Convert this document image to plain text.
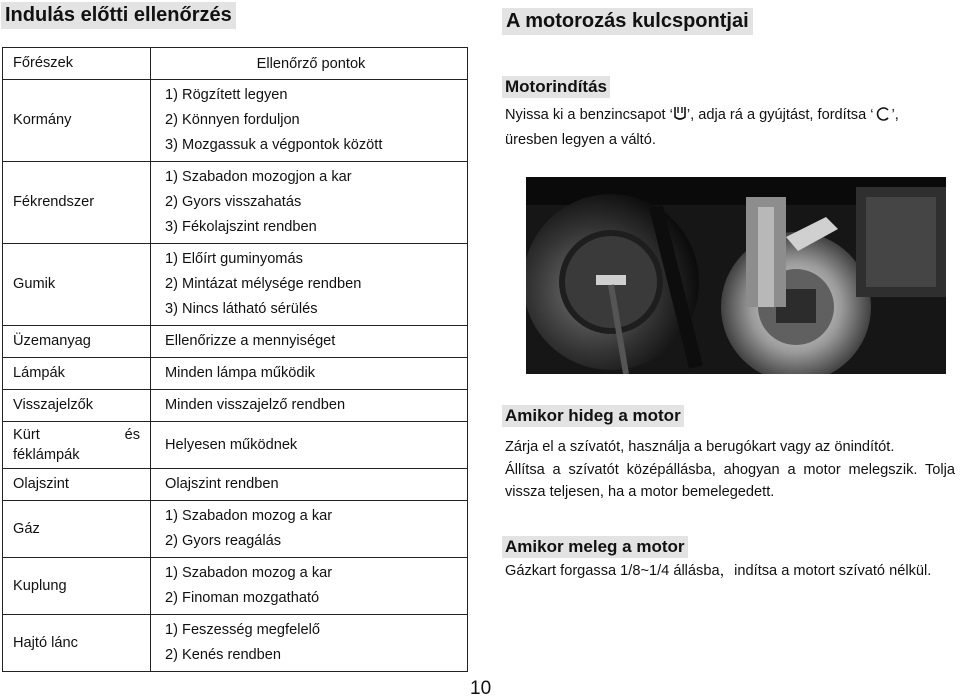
Indulás előtti ellenőrzés
Főrészek	Ellenőrző pontok
Kormány	1) Rögzített legyen
2) Könnyen forduljon
3) Mozgassuk a végpontok között

Fékrendszer	1) Szabadon mozogjon a kar
2) Gyors visszahatás
3) Fékolajszint rendben

Gumik	1) Előírt guminyomás
2) Mintázat mélysége rendben
3) Nincs látható sérülés

Üzemanyag	Ellenőrizze a mennyiséget
Lámpák	Minden lámpa működik
Visszajelzők	Minden visszajelző rendben

Kürt és
féklámpák	Helyesen működnek
Olajszint	Olajszint rendben
Gáz	1) Szabadon mozog a kar
2) Gyors reagálás

Kuplung	1) Szabadon mozog a kar
2) Finoman mozgatható

Hajtó lánc	1) Feszesség megfelelő
2) Kenés rendben
A motorozás kulcspontjai
Motorindítás
Nyissa ki a benzincsapot ‘ ’, adja rá a gyújtást, fordítsa ‘ ’,
üresben legyen a váltó.
Amikor hideg a motor
Zárja el a szívatót, használja a berugókart vagy az önindítót.
Állítsa a szívatót középállásba, ahogyan a motor melegszik. Tolja vissza teljesen, ha a motor bemelegedett.
Amikor meleg a motor
Gázkart forgassa 1/8~1/4 állásba，indítsa a motort szívató nélkül.
10
